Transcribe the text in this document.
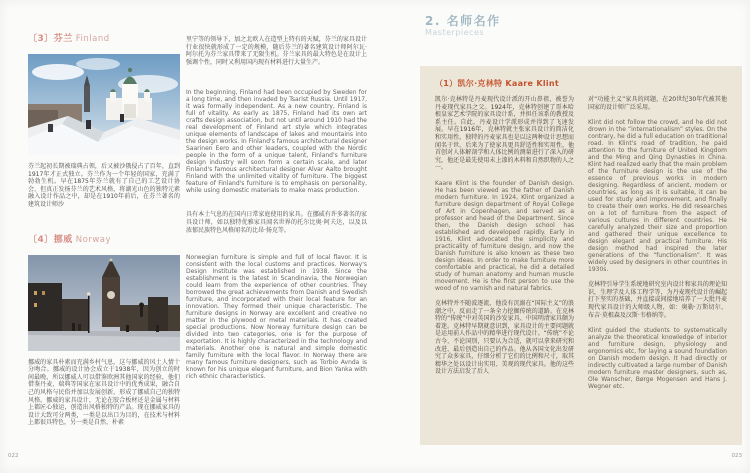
〔3〕芬兰 Finland
芬兰起初长期被瑞典占领，后又被沙俄侵占了百年，直到1917年才正式独立。芬兰作为一个年轻的国家，充满了勃勃生机。早在1875年芬兰就有了自己的工艺设计协会，但真正发扬芬兰的艺术风格，将湖光山色的独特元素融入设计作品之中，却是在1910年前后，在芬兰著名的建筑设计师沙
〔4〕挪威 Norway
挪威的家具朴素而充满乡村气息，这与挪威的风土人情十分吻合。挪威的设计协会成立于1938年，因为创立的时间最晚，所以挪威人可以借鉴欧洲其他国家的经验，他们借鉴丹麦、瑞典等国家在家具设计中的优秀成果，融合自己的风格与民俗并加以发展创新，形成了挪威自己的独特风格。挪威的家具设计，无论在胶合板材还是金属与材料上都匠心独运，创造出风格独特的产品。现在挪威家具的设计大致可分两类，一类是以出口为目的，在技术与材料上都很具特色，另一类是自然、朴素
里宁等的领导下，加之北欧人在造型上特有的天赋，芬兰的家具设计行业很快就形成了一定的规模，随后芬兰的著名建筑设计师阿尔瓦·阿尔托为芬兰家具带来了无限生机。芬兰家具的最大特色是在设计上强调个性，同时又利用国内现有材料进行大量生产。
In the beginning, Finland had been occupied by Sweden for a long time, and then invaded by Tsarist Russia. Until 1917, it was formally independent. As a new country, Finland is full of vitality. As early as 1875, Finland had its own art crafts design association, but not until around 1910 had the real development of Finland art style which integrates unique elements of landscape of lakes and mountains into the design works. In Finland's famous architectural designer Saarinen Eero and other leaders, coupled with the Nordic people in the form of a unique talent, Finland's furniture design industry will soon form a certain scale, and later Finland's famous architectural designer Alvar Aalto brought Finland with the unlimited vitality of furniture. The biggest feature of Finland's furniture is to emphasis on personality, while using domestic materials to make mass production.
具有本土气息的在国内日常家庭使用的家具。在挪威有许多著名的家具设计师，如以独特优雅家具闻名世界的托尔比奥·阿夫达，以及以浓郁民族特色风格闻名的比昂·扬克等。
Norwegian furniture is simple and full of local flavor. It is consistent with the local customs and practices. Norway's Design Institute was established in 1938. Since the establishment is the latest in Scandinavia, the Norwegian could learn from the experience of other countries. They borrowed the great achievements from Danish and Swedish furniture, and incorporated with their local feature for an innovation. They formed their unique characteristic. The furniture designs in Norway are excellent and creative no matter in the plywood or metal materials. It has created special productions. Now Norway furniture design can be divided into two categories, one is for the purpose of exportation. It is highly characterized in the technology and materials. Another one is natural and simple domestic family furniture with the local flavor. In Norway there are many famous furniture designers, such as Torbio Avnda is known for his unique elegant furniture, and Bion Yanka with rich ethnic characteristics.
022
2. 名师名作
Masterpieces
（1）凯尔·克林特 Kaare Klint
凯尔·克林特是丹麦现代设计派的开山鼻祖，被誉为丹麦现代家具之父。1924年，克林特创建了哥本哈根皇家艺术学院的家具设计系，并担任该系的教授及系主任。自此，丹麦设计学派形成并得到了飞速发展。早在1916年，克林特就主张家具设计的简洁化和实用性，独特的丹麦家具也是以这两种设计思想而闻名于世。后来为了使家具更具舒适性和实用性，他首创对人体解剖学和人体比例的测量进行了深入的研究，他还是最先使用未上漆的木料和自然织物的人之一。
Kaare Klint is the founder of Danish design. He has been viewed as the father of Danish modern furniture. In 1924, Klint organized a furniture design department of Royal College of Art in Copenhagen, and served as a professor and head of the Department. Since then, the Danish design school has established and developed rapidly. Early in 1916, Klint advocated the simplicity and practicality of furniture design, and now the Danish furniture is also known as these two design ideas. In order to make furniture more comfortable and practical, he did a detailed study of human anatomy and human muscle movement. He is the first person to use the wood of no varnish and natural fabrics.
克林特并不随波逐流，他没有沉溺在“国际主义”的浪潮之中，反而走了一条全力挖掘传统的道路。在克林特的“传统”中对英国的沙发家具、中国明清家具颇为着迷。克林特早期就意识到，家具设计的主要问题就是运用前人作品中的精华进行现代设计。“传统”不论古今，不论国别，只要认为合适，就可以拿来研究和改进，最后创造出自己的作品。他从各国文化出发研究了众多家具，仔细分析了它们的比例和尺寸，取其精华之处以设计出实用、美观的现代家具。他的这些设计方法启发了后人
对“功能主义”家具的问题，在20世纪30年代被其他国家的设计师广泛采用。
Klint did not follow the crowd, and he did not drown in the “internationalism” styles. On the contrary, he did a full education on traditional road. In Klint's road of tradition, he paid attention to the furniture of United Kingdom and the Ming and Qing Dynasties in China. Klint had realized early that the main problem of the furniture design is the use of the essence of previous works in modern designing. Regardless of ancient, modern or countries, as long as it is suitable, it can be used for study and improvement, and finally to create their own works. He did researches on a lot of furniture from the aspect of various cultures in different countries. He carefully analyzed their size and proportion and gathered their unique excellence to design elegant and practical furniture. His design method had inspired the later generations of the “functionalism”. It was widely used by designers in other countries in 1930s.
克林特引导学生系统地研究室内设计和家具的理论知识，生理学及人体工程学等，为丹麦现代设计的崛起打下坚实的基础，并直接或间接地培养了一大批丹麦现代家具设计的大师级人物，如：奥勒·万斯切尔、布吉·莫根森及汉斯·韦格纳等。
Klint guided the students to systematically analyze the theoretical knowledge of interior and furniture design, physiology and ergonomics etc, for laying a sound foundation on Danish modern design. It had directly or indirectly cultivated a large number of Danish modern furniture master designers, such as, Ole Wanscher, Børge Mogensen and Hans J. Wegner etc.
023
